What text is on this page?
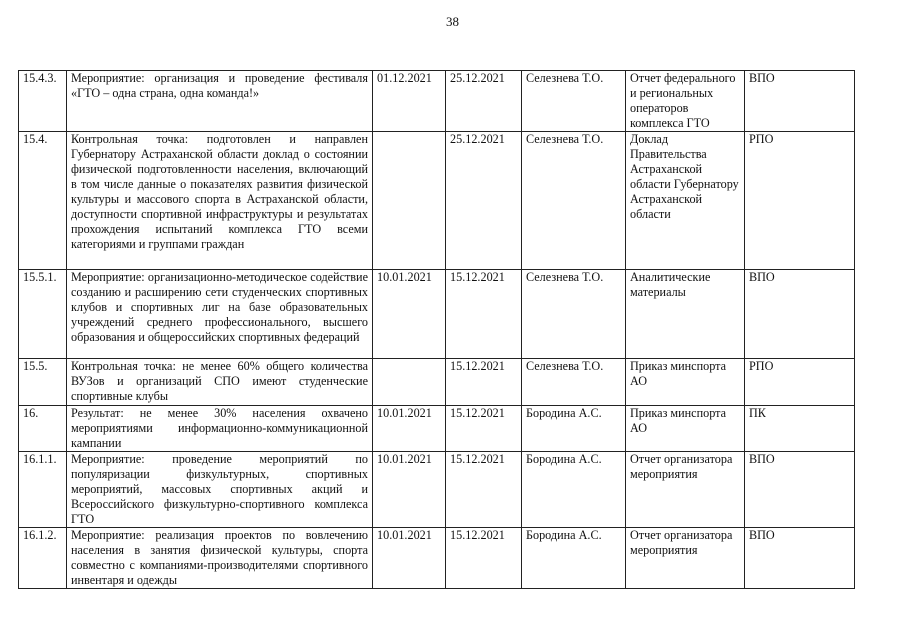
38
15.4.3.	Мероприятие: организация и проведение фестиваля «ГТО – одна страна, одна команда!»	01.12.2021	25.12.2021	Селезнева Т.О.	Отчет федерального и региональных операторов комплекса ГТО	ВПО
15.4.	Контрольная точка: подготовлен и направлен Губернатору Астраханской области доклад о состоянии физической подготовленности населения, включающий в том числе данные о показателях развития физической культуры и массового спорта в Астраханской области, доступности спортивной инфраструктуры и результатах прохождения испытаний комплекса ГТО всеми категориями и группами граждан		25.12.2021	Селезнева Т.О.	Доклад Правительства Астраханской области Губернатору Астраханской области	РПО
15.5.1.	Мероприятие: организационно-методическое содействие созданию и расширению сети студенческих спортивных клубов и спортивных лиг на базе образовательных учреждений среднего профессионального, высшего образования и общероссийских спортивных федераций	10.01.2021	15.12.2021	Селезнева Т.О.	Аналитические материалы	ВПО
15.5.	Контрольная точка: не менее 60% общего количества ВУЗов и организаций СПО имеют студенческие спортивные клубы		15.12.2021	Селезнева Т.О.	Приказ минспорта АО	РПО
16.	Результат: не менее 30% населения охвачено мероприятиями информационно-коммуникационной кампании	10.01.2021	15.12.2021	Бородина А.С.	Приказ минспорта АО	ПК
16.1.1.	Мероприятие: проведение мероприятий по популяризации физкультурных, спортивных мероприятий, массовых спортивных акций и Всероссийского физкультурно-спортивного комплекса ГТО	10.01.2021	15.12.2021	Бородина А.С.	Отчет организатора мероприятия	ВПО
16.1.2.	Мероприятие: реализация проектов по вовлечению населения в занятия физической культуры, спорта совместно с компаниями-производителями спортивного инвентаря и одежды	10.01.2021	15.12.2021	Бородина А.С.	Отчет организатора мероприятия	ВПО
